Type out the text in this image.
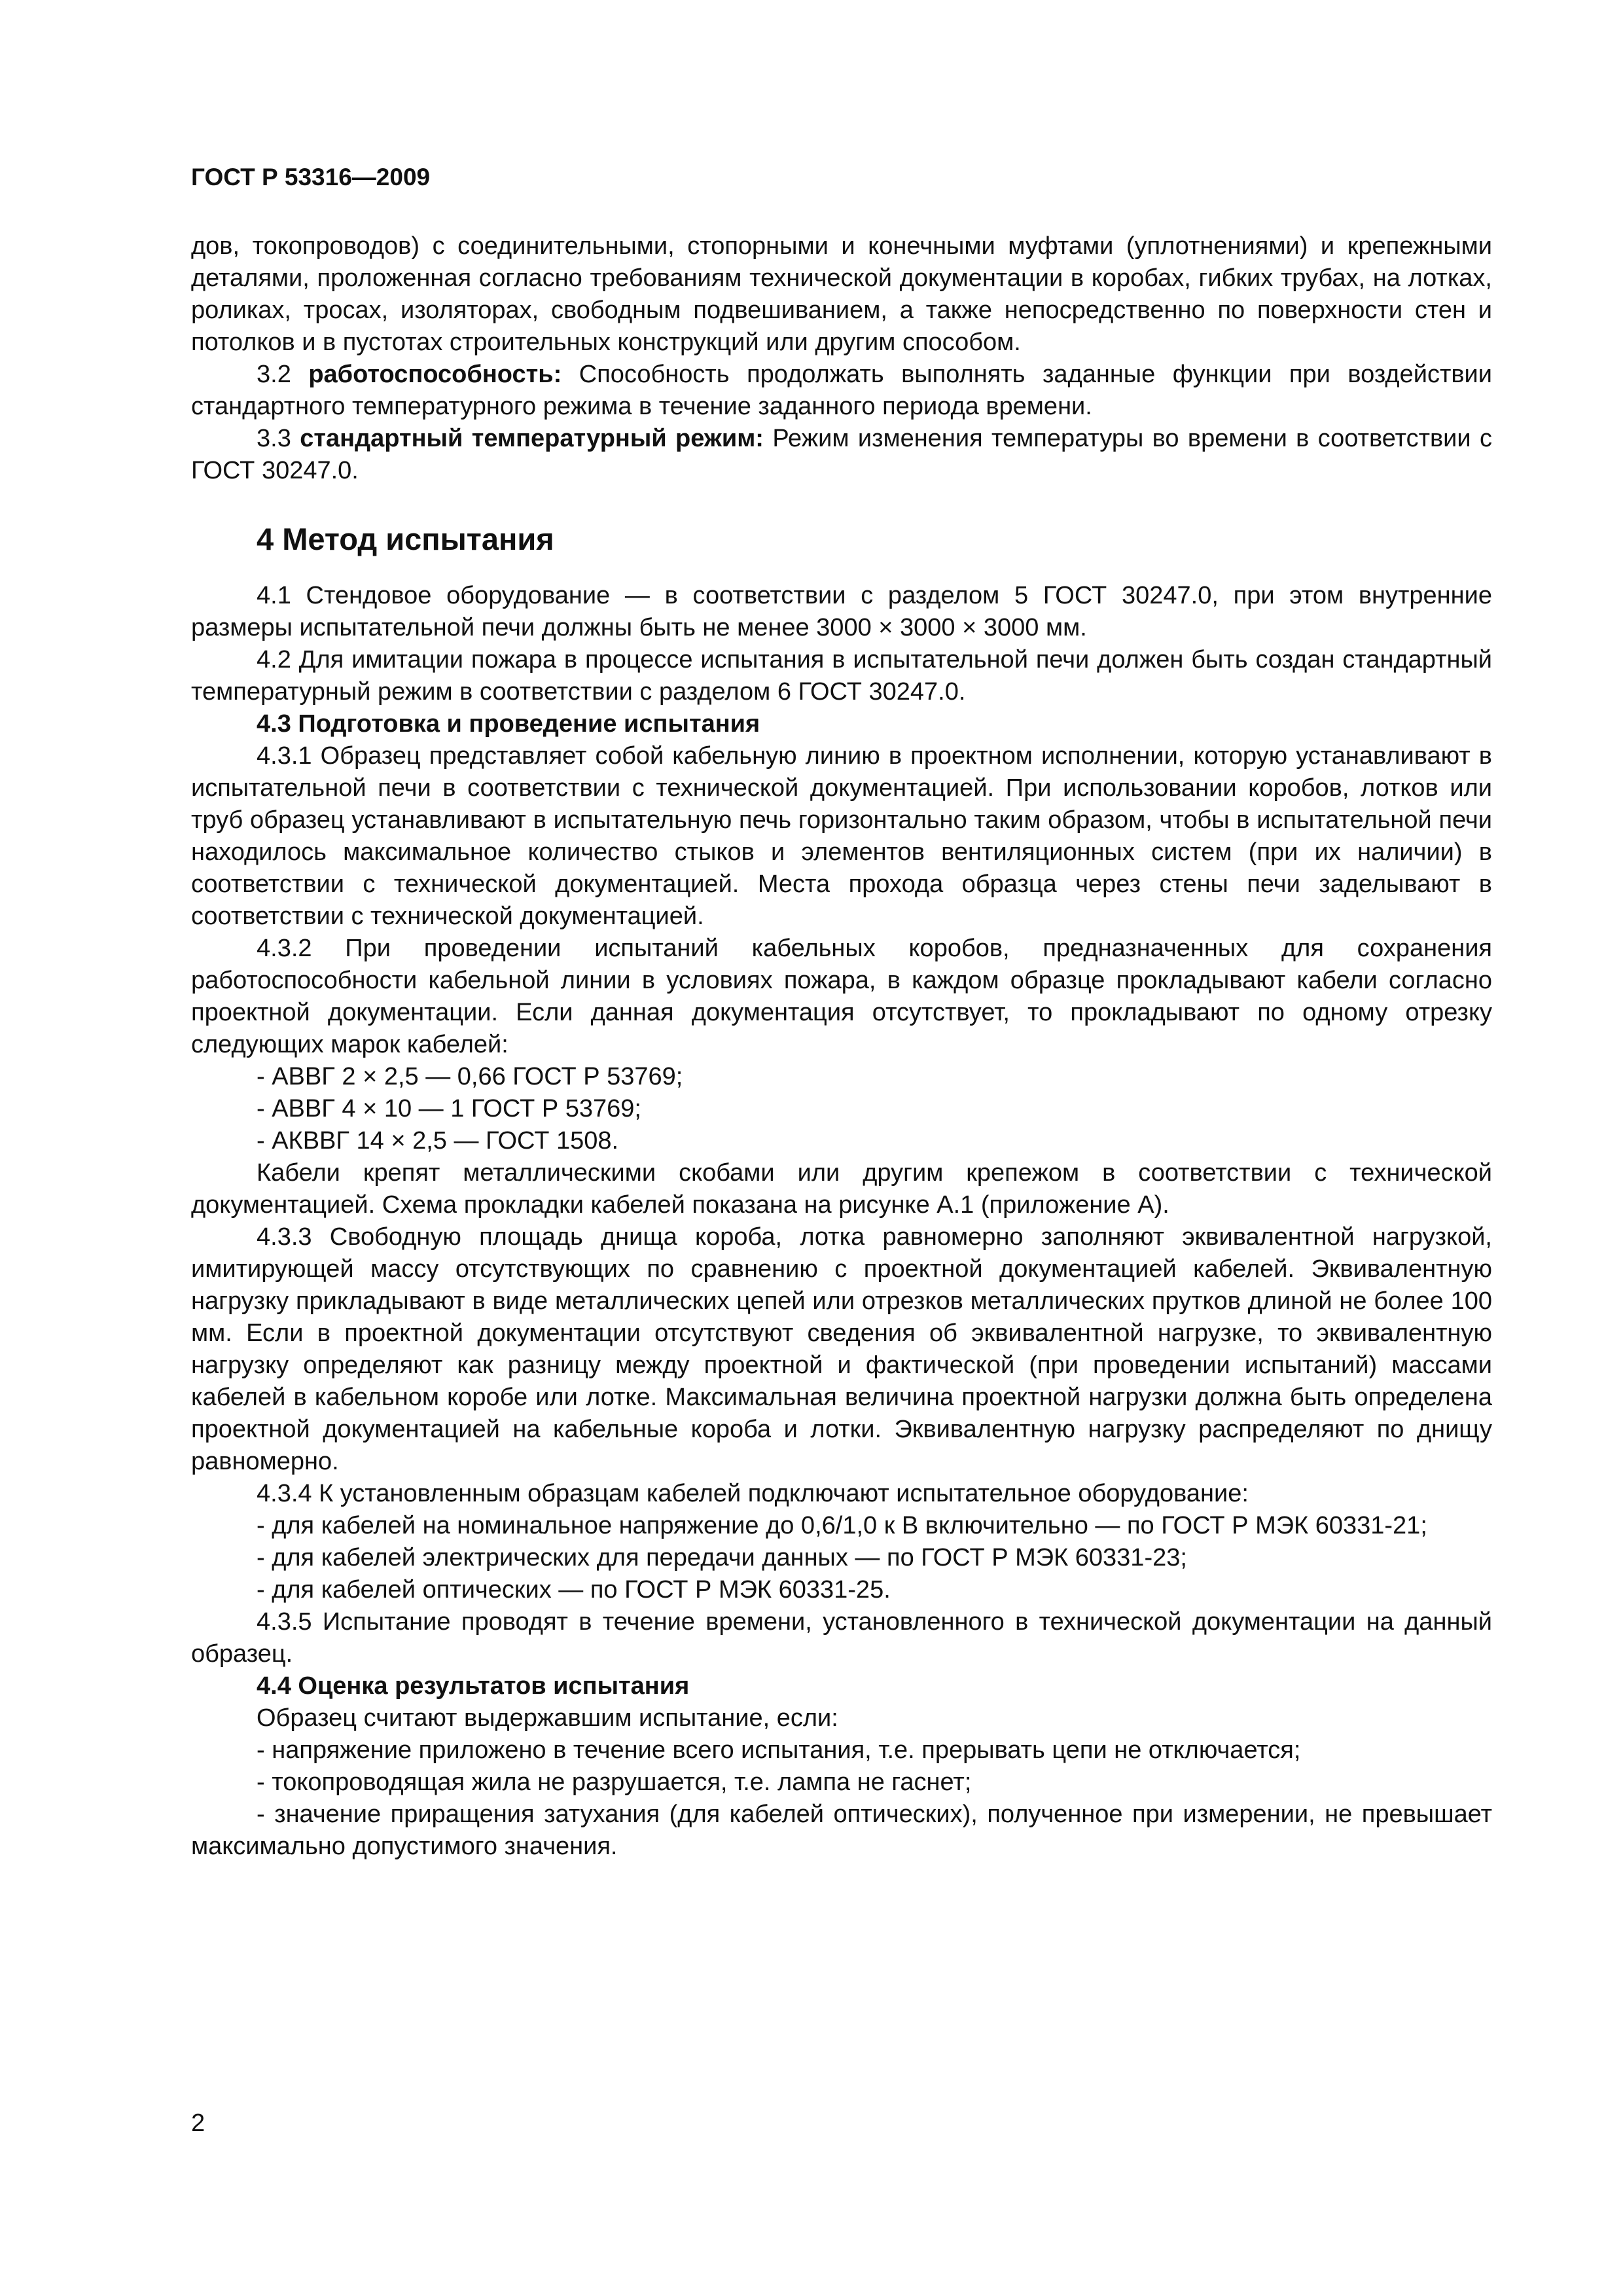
ГОСТ Р 53316—2009

дов, токопроводов) с соединительными, стопорными и конечными муфтами (уплотнениями) и крепежными деталями, проложенная согласно требованиям технической документации в коробах, гибких трубах, на лотках, роликах, тросах, изоляторах, свободным подвешиванием, а также непосредственно по поверхности стен и потолков и в пустотах строительных конструкций или другим способом.

3.2 работоспособность: Способность продолжать выполнять заданные функции при воздействии стандартного температурного режима в течение заданного периода времени.

3.3 стандартный температурный режим: Режим изменения температуры во времени в соответствии с ГОСТ 30247.0.

4 Метод испытания

4.1 Стендовое оборудование — в соответствии с разделом 5 ГОСТ 30247.0, при этом внутренние размеры испытательной печи должны быть не менее 3000 × 3000 × 3000 мм.

4.2 Для имитации пожара в процессе испытания в испытательной печи должен быть создан стандартный температурный режим в соответствии с разделом 6 ГОСТ 30247.0.

4.3 Подготовка и проведение испытания

4.3.1 Образец представляет собой кабельную линию в проектном исполнении, которую устанавливают в испытательной печи в соответствии с технической документацией. При использовании коробов, лотков или труб образец устанавливают в испытательную печь горизонтально таким образом, чтобы в испытательной печи находилось максимальное количество стыков и элементов вентиляционных систем (при их наличии) в соответствии с технической документацией. Места прохода образца через стены печи заделывают в соответствии с технической документацией.

4.3.2 При проведении испытаний кабельных коробов, предназначенных для сохранения работоспособности кабельной линии в условиях пожара, в каждом образце прокладывают кабели согласно проектной документации. Если данная документация отсутствует, то прокладывают по одному отрезку следующих марок кабелей:

- АВВГ 2 × 2,5 — 0,66 ГОСТ Р 53769;

- АВВГ 4 × 10 — 1 ГОСТ Р 53769;

- АКВВГ 14 × 2,5 — ГОСТ 1508.

Кабели крепят металлическими скобами или другим крепежом в соответствии с технической документацией. Схема прокладки кабелей показана на рисунке А.1 (приложение А).

4.3.3 Свободную площадь днища короба, лотка равномерно заполняют эквивалентной нагрузкой, имитирующей массу отсутствующих по сравнению с проектной документацией кабелей. Эквивалентную нагрузку прикладывают в виде металлических цепей или отрезков металлических прутков длиной не более 100 мм. Если в проектной документации отсутствуют сведения об эквивалентной нагрузке, то эквивалентную нагрузку определяют как разницу между проектной и фактической (при проведении испытаний) массами кабелей в кабельном коробе или лотке. Максимальная величина проектной нагрузки должна быть определена проектной документацией на кабельные короба и лотки. Эквивалентную нагрузку распределяют по днищу равномерно.

4.3.4 К установленным образцам кабелей подключают испытательное оборудование:

- для кабелей на номинальное напряжение до 0,6/1,0 к В включительно — по ГОСТ Р МЭК 60331-21;

- для кабелей электрических для передачи данных — по ГОСТ Р МЭК 60331-23;

- для кабелей оптических — по ГОСТ Р МЭК 60331-25.

4.3.5 Испытание проводят в течение времени, установленного в технической документации на данный образец.

4.4 Оценка результатов испытания

Образец считают выдержавшим испытание, если:

- напряжение приложено в течение всего испытания, т.е. прерывать цепи не отключается;

- токопроводящая жила не разрушается, т.е. лампа не гаснет;

- значение приращения затухания (для кабелей оптических), полученное при измерении, не превышает максимально допустимого значения.

2
